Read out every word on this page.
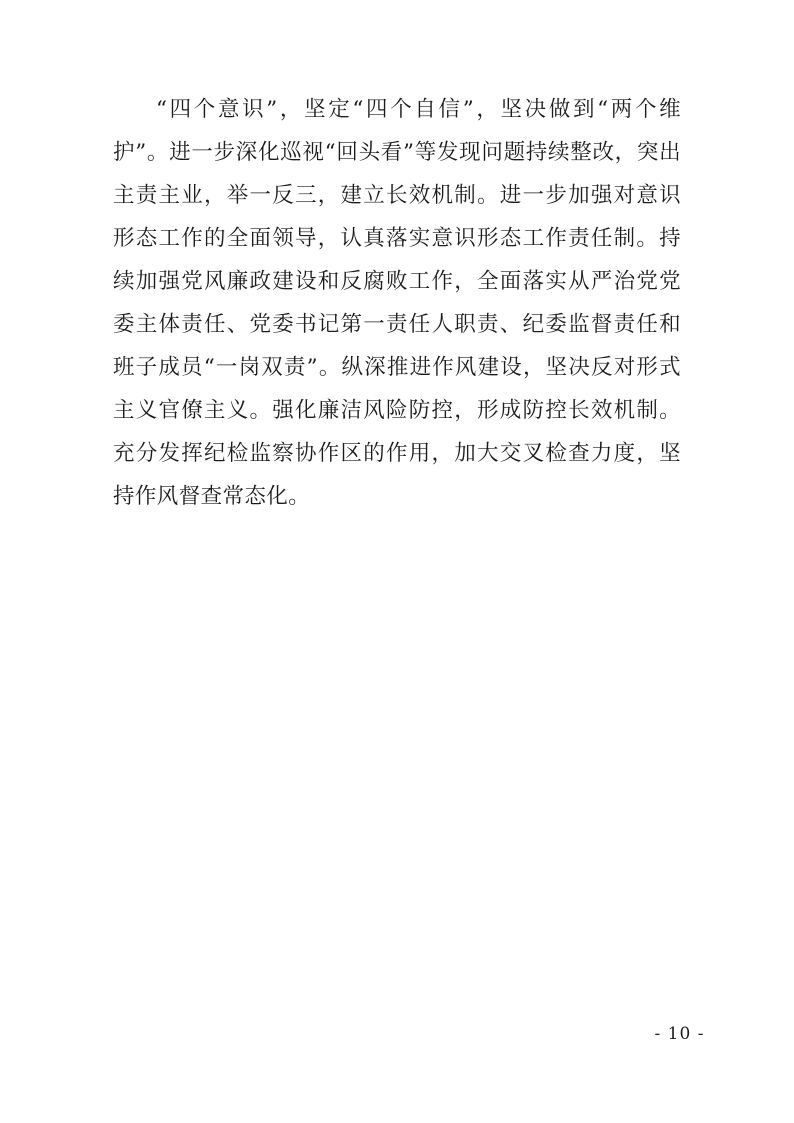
“四个意识”，坚定“四个自信”，坚决做到“两个维护”。进一步深化巡视“回头看”等发现问题持续整改，突出主责主业，举一反三，建立长效机制。进一步加强对意识形态工作的全面领导，认真落实意识形态工作责任制。持续加强党风廉政建设和反腐败工作，全面落实从严治党党委主体责任、党委书记第一责任人职责、纪委监督责任和班子成员“一岗双责”。纵深推进作风建设，坚决反对形式主义官僚主义。强化廉洁风险防控，形成防控长效机制。充分发挥纪检监察协作区的作用，加大交叉检查力度，坚持作风督查常态化。

- 10 -
